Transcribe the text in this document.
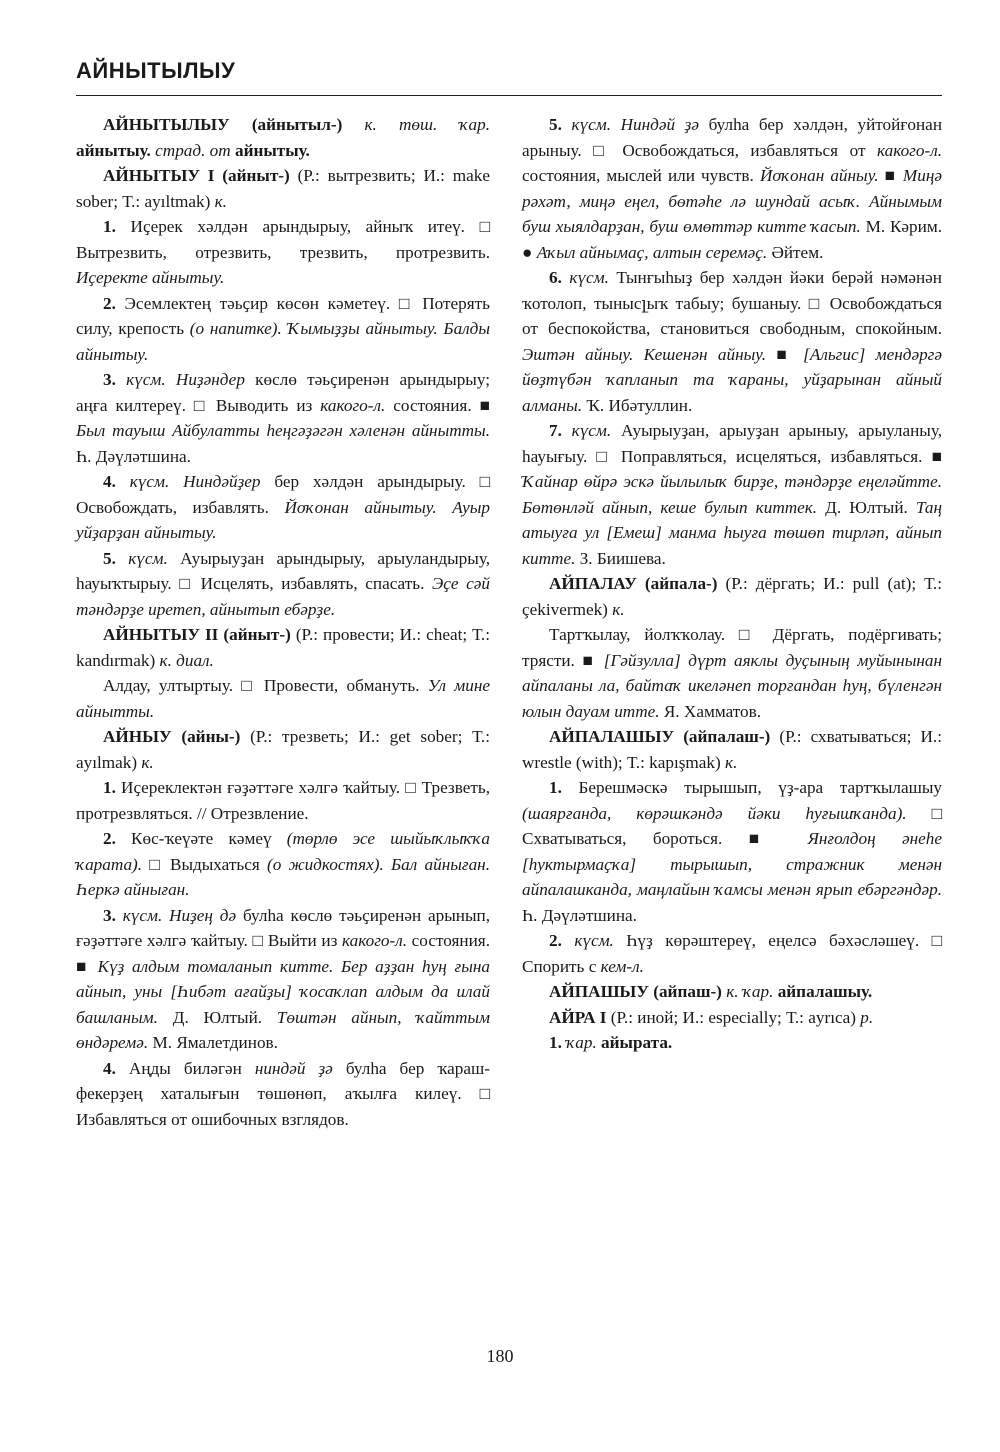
АЙНЫТЫЛЫУ

АЙНЫТЫЛЫУ (айнытыл-) к. төш. ҡар. айнытыу. страд. от айнытыу.

АЙНЫТЫУ I (айныт-) (Р.: вытрезвить; И.: make sober; Т.: ayıltmak) к.

1. Иҫерек хәлдән арындырыу, айныҡ итеү. □ Вытрезвить, отрезвить, трезвить, протрезвить. Иҫеректе айнытыу.

2. Эсемлектең тәьҫир көсөн кәметеү. □ Потерять силу, крепость (о напитке). Ҡымыҙҙы айнытыу. Балды айнытыу.

3. күсм. Ниҙәндер көслө тәьҫиренән арындырыу; аңға килтереү. □ Выводить из какого-л. состояния. ■ Был тауыш Айбулатты һеңгәҙәгән хәленән айнытты. Һ. Дәүләтшина.

4. күсм. Ниндәйҙер бер хәлдән арындырыу. □ Освобождать, избавлять. Йоҡонан айнытыу. Ауыр уйҙарҙан айнытыу.

5. күсм. Ауырыуҙан арындырыу, арыуландырыу, һауыҡтырыу. □ Исцелять, избавлять, спасать. Эҫе сәй тәндәрҙе иретеп, айнытып ебәрҙе.

АЙНЫТЫУ II (айныт-) (Р.: провести; И.: cheat; Т.: kandırmak) к. диал.

Алдау, ултыртыу. □ Провести, обмануть. Ул мине айнытты.

АЙНЫУ (айны-) (Р.: трезветь; И.: get sober; Т.: ayılmak) к.

1. Иҫереклектән ғәҙәттәге хәлгә ҡайтыу. □ Трезветь, протрезвляться. // Отрезвление.

2. Көс-ҡеүәте кәмеү (төрлө эсе шыйыҡлыҡҡа ҡарата). □ Выдыхаться (о жидкостях). Бал айныған. Һеркә айныған.

3. күсм. Ниҙең дә булһа көслө тәьҫиренән арынып, ғәҙәттәге хәлгә ҡайтыу. □ Выйти из какого-л. состояния. ■ Күҙ алдым томаланып китте. Бер аҙҙан һуң ғына айнып, уны [Һибәт ағайҙы] ҡосаҡлап алдым да илай башланым. Д. Юлтый. Төштән айнып, ҡайттым өндәремә. М. Ямалетдинов.

4. Аңды биләгән ниндәй ҙә булһа бер ҡараш-фекерҙең хаталығын төшөнөп, аҡылға килеү. □ Избавляться от ошибочных взглядов.

5. күсм. Ниндәй ҙә булһа бер хәлдән, уйтойғонан арыныу. □ Освобождаться, избавляться от какого-л. состояния, мыслей или чувств. Йоҡонан айныу. ■ Миңә рәхәт, миңә еңел, бөтәһе лә шундай асыҡ. Айнымым буш хыялдарҙан, буш өмөттәр китте ҡасып. М. Кәрим. ● Аҡыл айнымаҫ, алтын серемәҫ. Әйтем.

6. күсм. Тынғыһыҙ бер хәлдән йәки берәй нәмәнән ҡотолоп, тынысլыҡ табыу; бушаныу. □ Освобождаться от беспокойства, становиться свободным, спокойным. Эштән айныу. Кешенән айныу. ■ [Альгис] мендәргә йөҙтүбән ҡапланып та ҡараны, уйҙарынан айный алманы. Ҡ. Ибәтуллин.

7. күсм. Ауырыуҙан, арыуҙан арыныу, арыуланыу, һауығыу. □ Поправляться, исцеляться, избавляться. ■ Ҡайнар өйрә эскә йылылыҡ бирҙе, тәндәрҙе еңеләйтте. Бөтөнләй айнып, кеше булып киттек. Д. Юлтый. Таң атыуға ул [Емеш] манма һыуға төшөп тирләп, айнып китте. З. Биишева.

АЙПАЛАУ (айпала-) (Р.: дёргать; И.: pull (at); Т.: çekivermek) к.

Тартҡылау, йолҡҡолау. □ Дёргать, подёргивать; трясти. ■ [Гәйзулла] дүрт аяклы дуҫының муйынынан айпаланы ла, байтаҡ икеләнеп торғандан һуң, бүленгән юлын дауам итте. Я. Хамматов.

АЙПАЛАШЫУ (айпалаш-) (Р.: схватываться; И.: wrestle (with); Т.: kapışmak) к.

1. Берешмәскә тырышып, үҙ-ара тартҡылашыу (шаярғанда, көрәшкәндә йәки һуғышҡанда). □ Схватываться, бороться. ■ Янғолдоң әнеһе [һуктырмаҫҡа] тырышып, стражник менән айпалашканда, маңлайын ҡамсы менән ярып ебәргәндәр. Һ. Дәүләтшина.

2. күсм. Һүҙ көрәштереү, еңелсә бәхәсләшеү. □ Спорить с кем-л.

АЙПАШЫУ (айпаш-) к. ҡар. айпалашыу.

АЙРА I (Р.: иной; И.: especially; Т.: ayrıca) р.

1. ҡар. айырата.

180
